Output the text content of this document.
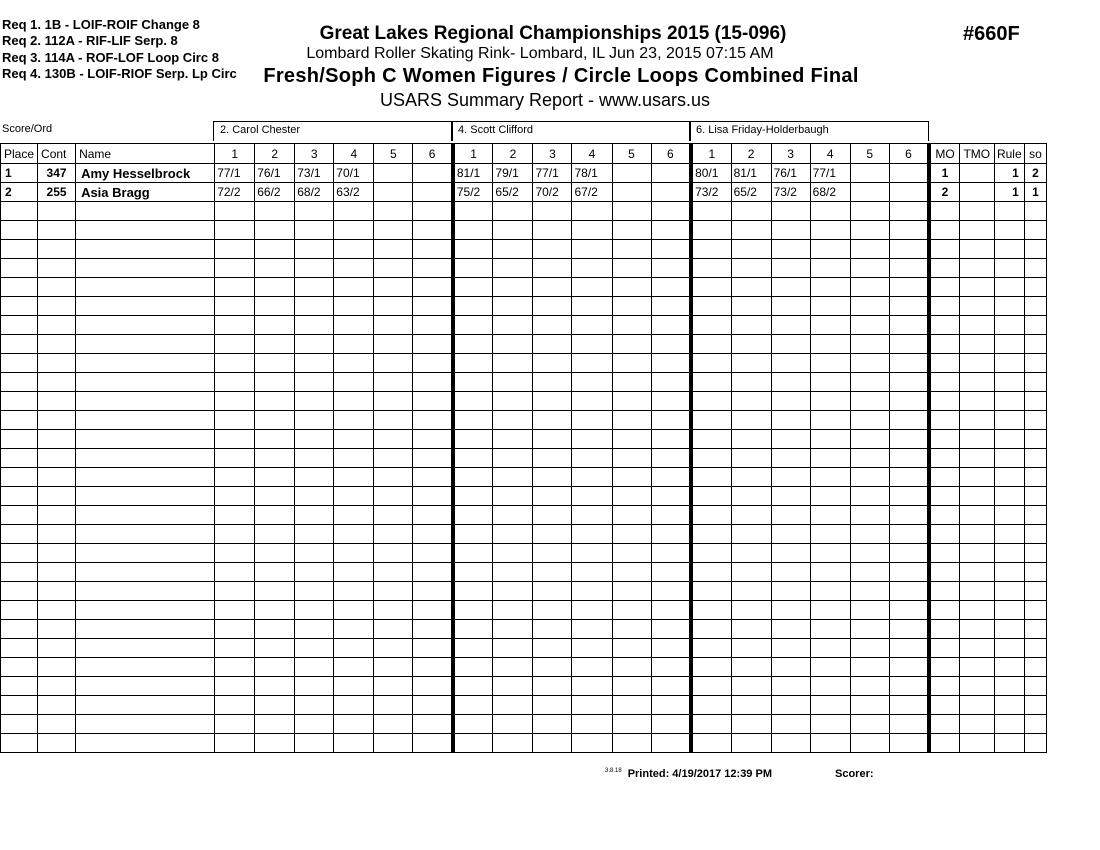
Req 1. 1B - LOIF-ROIF Change 8
Req 2. 112A - RIF-LIF Serp. 8
Req 3. 114A - ROF-LOF Loop Circ 8
Req 4. 130B - LOIF-RIOF Serp. Lp Circ
Great Lakes Regional Championships 2015 (15-096)
Lombard Roller Skating Rink- Lombard, IL Jun 23, 2015 07:15 AM
Fresh/Soph C Women Figures / Circle Loops Combined Final
USARS Summary Report - www.usars.us
#660F
Score/Ord	2. Carol Chester	4. Scott Clifford	6. Lisa Friday-Holderbaugh
Place	Cont	Name	1	2	3	4	5	6	1	2	3	4	5	6	1	2	3	4	5	6	MO	TMO	Rule	so
1	347	Amy Hesselbrock	77/1	76/1	73/1	70/1			81/1	79/1	77/1	78/1			80/1	81/1	76/1	77/1			1		1	2
2	255	Asia Bragg	72/2	66/2	68/2	63/2			75/2	65/2	70/2	67/2			73/2	65/2	73/2	68/2			2		1	1

$^{3.8.18}$ Printed: 4/19/2017 12:39 PM	Scorer:
